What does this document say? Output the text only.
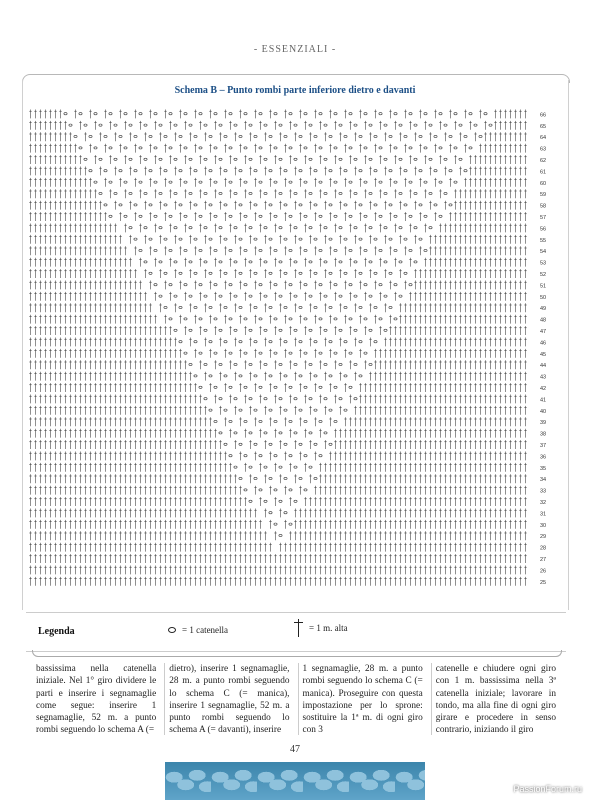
- ESSENZIALI -
Schema B – Punto rombi parte inferiore dietro e davanti
66
65
64
63
62
61
60
59
58
57
56
55
54
53
52
51
50
49
48
47
46
45
44
43
42
41
40
39
38
37
36
35
34
33
32
31
30
29
28
27
26
25
Legenda	= 1 catenella	= 1 m. alta
bassissima nella catenella iniziale. Nel 1° giro dividere le parti e inserire i segnamaglie come segue: inserire 1 segnamaglie, 52 m. a punto rombi seguendo lo schema A (=
dietro), inserire 1 segnamaglie, 28 m. a punto rombi seguendo lo schema C (= manica), inserire 1 segnamaglie, 52 m. a punto rombi seguendo lo schema A (= davanti), inserire
1 segnamaglie, 28 m. a punto rombi seguendo lo schema C (= manica). Proseguire con questa impostazione per lo sprone: sostituire la 1ª m. di ogni giro con 3
catenelle e chiudere ogni giro con 1 m. bassissima nella 3ª catenella iniziale; lavorare in tondo, ma alla fine di ogni giro girare e procedere in senso contrario, iniziando il giro
47
PassionForum.ru
